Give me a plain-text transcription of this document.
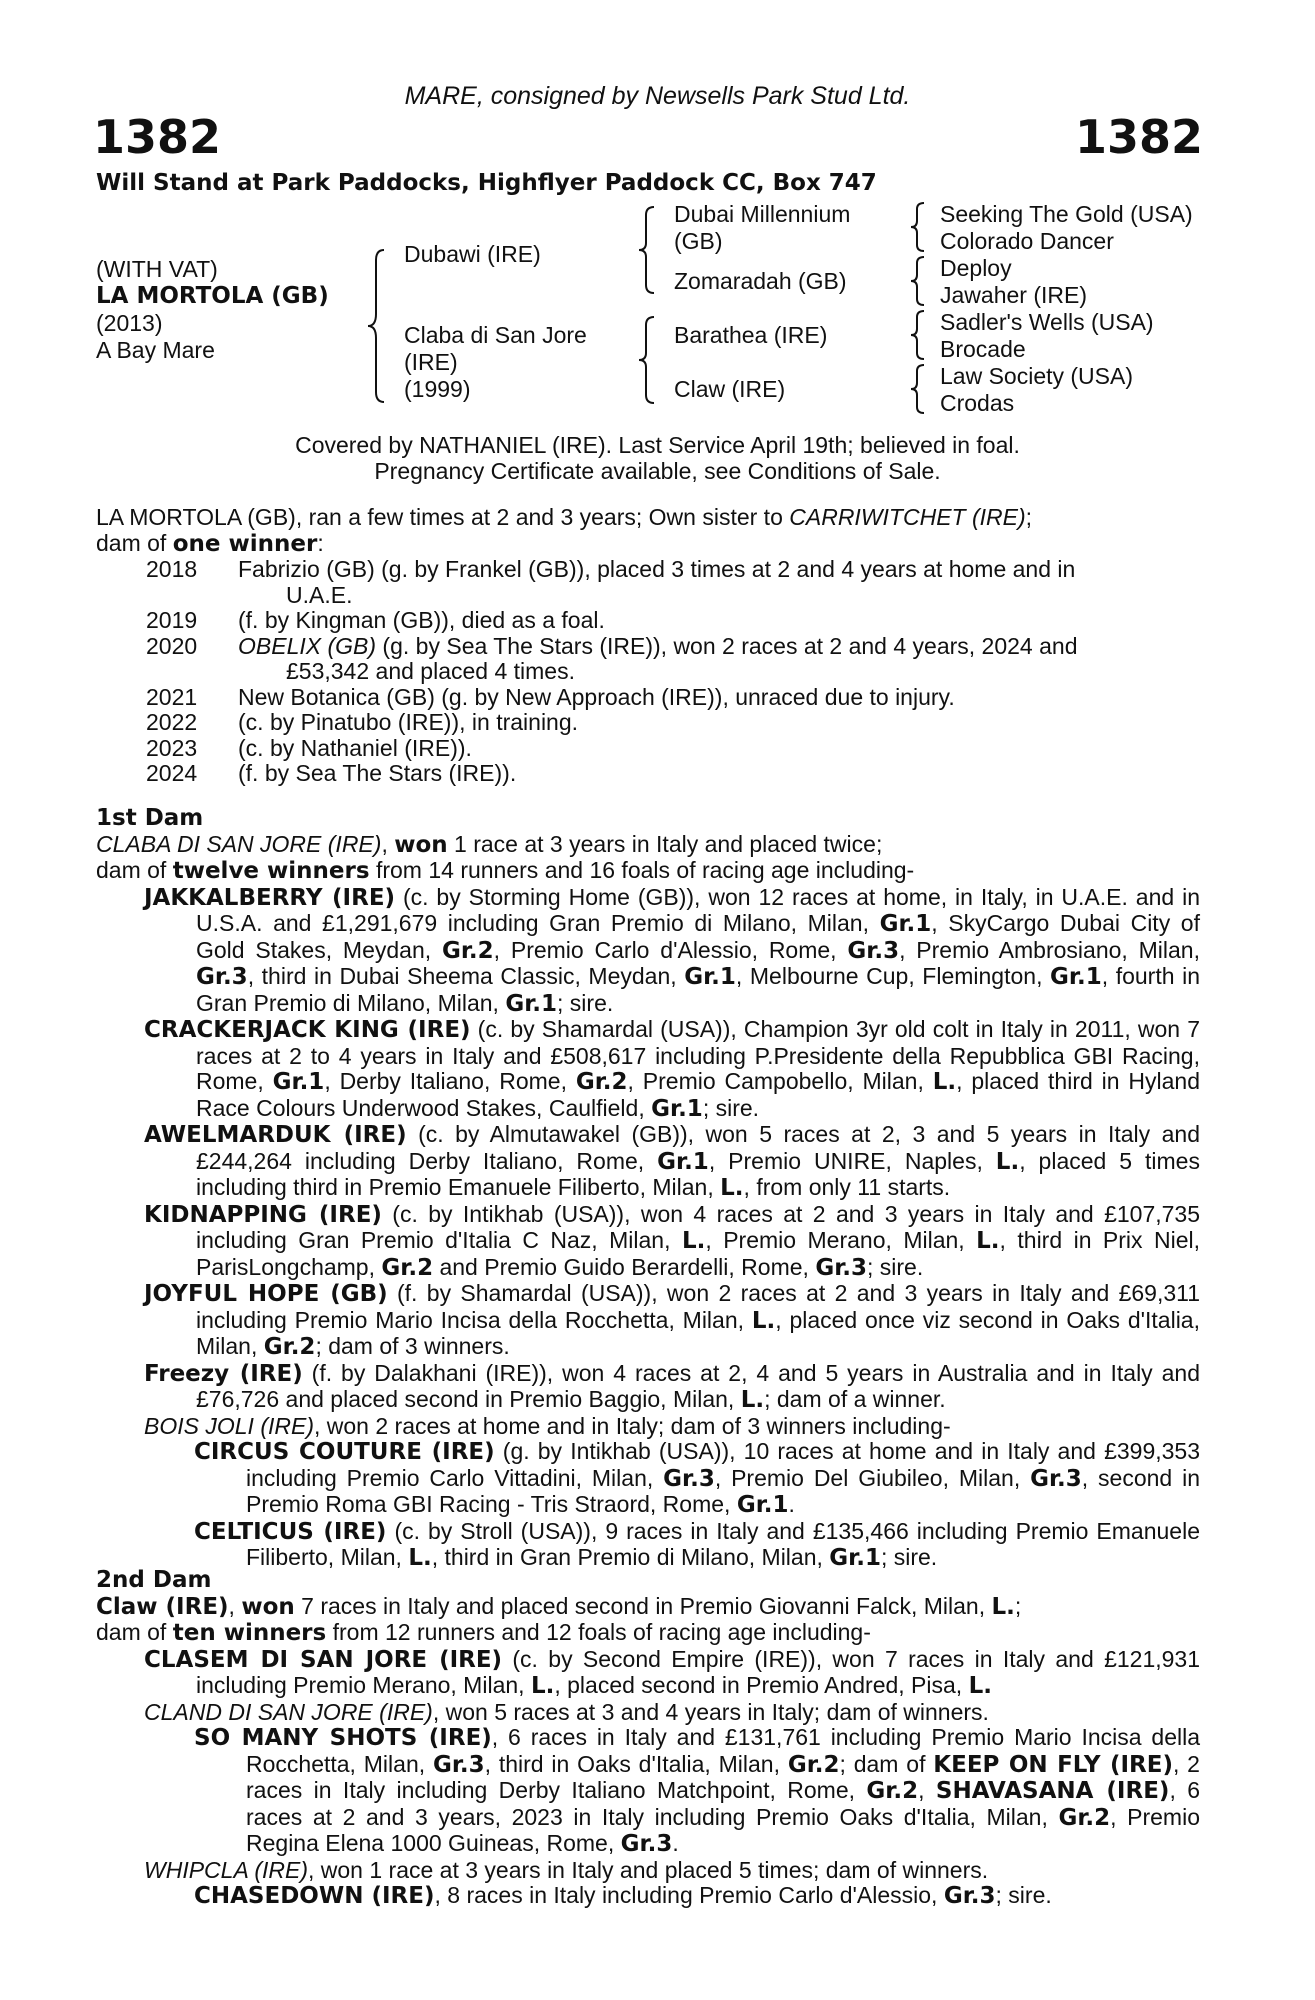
MARE, consigned by Newsells Park Stud Ltd.
1382	1382
Will Stand at Park Paddocks, Highflyer Paddock CC, Box 747
(WITH VAT)
LA MORTOLA (GB)
(2013)
A Bay Mare
Dubawi (IRE)
Claba di San Jore
(IRE)
(1999)
Dubai Millennium
(GB)
Zomaradah (GB)
Barathea (IRE)
Claw (IRE)
Seeking The Gold (USA)
Colorado Dancer
Deploy
Jawaher (IRE)
Sadler's Wells (USA)
Brocade
Law Society (USA)
Crodas
Covered by NATHANIEL (IRE). Last Service April 19th; believed in foal.
Pregnancy Certificate available, see Conditions of Sale.

LA MORTOLA (GB), ran a few times at 2 and 3 years; Own sister to CARRIWITCHET (IRE);

dam of one winner:

2018	Fabrizio (GB) (g. by Frankel (GB)), placed 3 times at 2 and 4 years at home and in
U.A.E.
2019	(f. by Kingman (GB)), died as a foal.
2020	OBELIX (GB) (g. by Sea The Stars (IRE)), won 2 races at 2 and 4 years, 2024 and
£53,342 and placed 4 times.
2021	New Botanica (GB) (g. by New Approach (IRE)), unraced due to injury.
2022	(c. by Pinatubo (IRE)), in training.
2023	(c. by Nathaniel (IRE)).
2024	(f. by Sea The Stars (IRE)).

1st Dam

CLABA DI SAN JORE (IRE), won 1 race at 3 years in Italy and placed twice;

dam of twelve winners from 14 runners and 16 foals of racing age including-

JAKKALBERRY (IRE) (c. by Storming Home (GB)), won 12 races at home, in Italy, in U.A.E. and in U.S.A. and £1,291,679 including Gran Premio di Milano, Milan, Gr.1, SkyCargo Dubai City of Gold Stakes, Meydan, Gr.2, Premio Carlo d'Alessio, Rome, Gr.3, Premio Ambrosiano, Milan, Gr.3, third in Dubai Sheema Classic, Meydan, Gr.1, Melbourne Cup, Flemington, Gr.1, fourth in Gran Premio di Milano, Milan, Gr.1; sire.

CRACKERJACK KING (IRE) (c. by Shamardal (USA)), Champion 3yr old colt in Italy in 2011, won 7 races at 2 to 4 years in Italy and £508,617 including P.Presidente della Repubblica GBI Racing, Rome, Gr.1, Derby Italiano, Rome, Gr.2, Premio Campobello, Milan, L., placed third in Hyland Race Colours Underwood Stakes, Caulfield, Gr.1; sire.

AWELMARDUK (IRE) (c. by Almutawakel (GB)), won 5 races at 2, 3 and 5 years in Italy and £244,264 including Derby Italiano, Rome, Gr.1, Premio UNIRE, Naples, L., placed 5 times including third in Premio Emanuele Filiberto, Milan, L., from only 11 starts.

KIDNAPPING (IRE) (c. by Intikhab (USA)), won 4 races at 2 and 3 years in Italy and £107,735 including Gran Premio d'Italia C Naz, Milan, L., Premio Merano, Milan, L., third in Prix Niel, ParisLongchamp, Gr.2 and Premio Guido Berardelli, Rome, Gr.3; sire.

JOYFUL HOPE (GB) (f. by Shamardal (USA)), won 2 races at 2 and 3 years in Italy and £69,311 including Premio Mario Incisa della Rocchetta, Milan, L., placed once viz second in Oaks d'Italia, Milan, Gr.2; dam of 3 winners.

Freezy (IRE) (f. by Dalakhani (IRE)), won 4 races at 2, 4 and 5 years in Australia and in Italy and £76,726 and placed second in Premio Baggio, Milan, L.; dam of a winner.

BOIS JOLI (IRE), won 2 races at home and in Italy; dam of 3 winners including-

CIRCUS COUTURE (IRE) (g. by Intikhab (USA)), 10 races at home and in Italy and £399,353 including Premio Carlo Vittadini, Milan, Gr.3, Premio Del Giubileo, Milan, Gr.3, second in Premio Roma GBI Racing - Tris Straord, Rome, Gr.1.

CELTICUS (IRE) (c. by Stroll (USA)), 9 races in Italy and £135,466 including Premio Emanuele Filiberto, Milan, L., third in Gran Premio di Milano, Milan, Gr.1; sire.

2nd Dam

Claw (IRE), won 7 races in Italy and placed second in Premio Giovanni Falck, Milan, L.;

dam of ten winners from 12 runners and 12 foals of racing age including-

CLASEM DI SAN JORE (IRE) (c. by Second Empire (IRE)), won 7 races in Italy and £121,931 including Premio Merano, Milan, L., placed second in Premio Andred, Pisa, L.

CLAND DI SAN JORE (IRE), won 5 races at 3 and 4 years in Italy; dam of winners.

SO MANY SHOTS (IRE), 6 races in Italy and £131,761 including Premio Mario Incisa della Rocchetta, Milan, Gr.3, third in Oaks d'Italia, Milan, Gr.2; dam of KEEP ON FLY (IRE), 2 races in Italy including Derby Italiano Matchpoint, Rome, Gr.2, SHAVASANA (IRE), 6 races at 2 and 3 years, 2023 in Italy including Premio Oaks d'Italia, Milan, Gr.2, Premio Regina Elena 1000 Guineas, Rome, Gr.3.

WHIPCLA (IRE), won 1 race at 3 years in Italy and placed 5 times; dam of winners.

CHASEDOWN (IRE), 8 races in Italy including Premio Carlo d'Alessio, Gr.3; sire.
